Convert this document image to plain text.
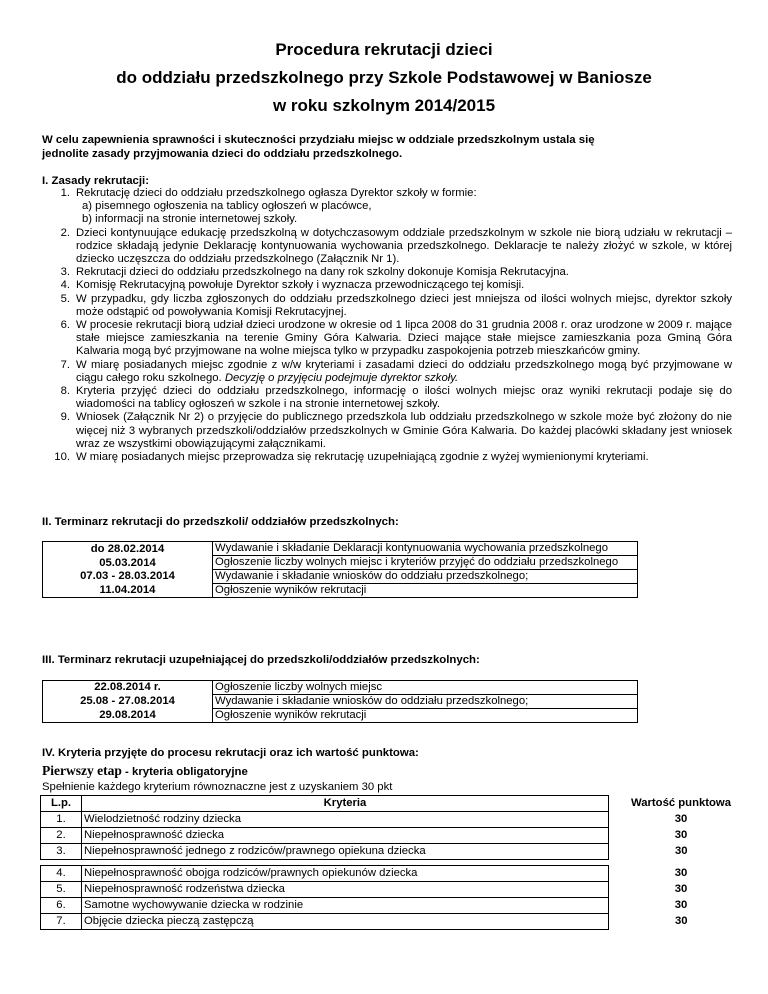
Procedura rekrutacji dzieci
do oddziału przedszkolnego przy Szkole Podstawowej w Baniosze
w roku szkolnym 2014/2015
W celu zapewnienia sprawności i skuteczności przydziału miejsc w oddziale przedszkolnym ustala się
jednolite zasady przyjmowania dzieci do oddziału przedszkolnego.
I. Zasady rekrutacji:
1. Rekrutację dzieci do oddziału przedszkolnego ogłasza Dyrektor szkoły w formie:
a) pisemnego ogłoszenia na tablicy ogłoszeń w placówce,
b) informacji na stronie internetowej szkoły.
2. Dzieci kontynuujące edukację przedszkolną w dotychczasowym oddziale przedszkolnym w szkole nie biorą udziału w rekrutacji – rodzice składają jedynie Deklarację kontynuowania wychowania przedszkolnego. Deklaracje te należy złożyć w szkole, w której dziecko uczęszcza do oddziału przedszkolnego (Załącznik Nr 1).
3. Rekrutacji dzieci do oddziału przedszkolnego na dany rok szkolny dokonuje Komisja Rekrutacyjna.
4. Komisję Rekrutacyjną powołuje Dyrektor szkoły i wyznacza przewodniczącego tej komisji.
5. W przypadku, gdy liczba zgłoszonych do oddziału przedszkolnego dzieci jest mniejsza od ilości wolnych miejsc, dyrektor szkoły może odstąpić od powoływania Komisji Rekrutacyjnej.
6. W procesie rekrutacji biorą udział dzieci urodzone w okresie od 1 lipca 2008 do 31 grudnia 2008 r. oraz urodzone w 2009 r. mające stałe miejsce zamieszkania na terenie Gminy Góra Kalwaria. Dzieci mające stałe miejsce zamieszkania poza Gminą Góra Kalwaria mogą być przyjmowane na wolne miejsca tylko w przypadku zaspokojenia potrzeb mieszkańców gminy.
7. W miarę posiadanych miejsc zgodnie z w/w kryteriami i zasadami dzieci do oddziału przedszkolnego mogą być przyjmowane w ciągu całego roku szkolnego. Decyzję o przyjęciu podejmuje dyrektor szkoły.
8. Kryteria przyjęć dzieci do oddziału przedszkolnego, informację o ilości wolnych miejsc oraz wyniki rekrutacji podaje się do wiadomości na tablicy ogłoszeń w szkole i na stronie internetowej szkoły.
9. Wniosek (Załącznik Nr 2) o przyjęcie do publicznego przedszkola lub oddziału przedszkolnego w szkole może być złożony do nie więcej niż 3 wybranych przedszkoli/oddziałów przedszkolnych w Gminie Góra Kalwaria. Do każdej placówki składany jest wniosek wraz ze wszystkimi obowiązującymi załącznikami.
10. W miarę posiadanych miejsc przeprowadza się rekrutację uzupełniającą zgodnie z wyżej wymienionymi kryteriami.
II. Terminarz rekrutacji do przedszkoli/ oddziałów przedszkolnych:
do 28.02.2014	Wydawanie i składanie Deklaracji kontynuowania wychowania przedszkolnego
05.03.2014	Ogłoszenie liczby wolnych miejsc i kryteriów przyjęć do oddziału przedszkolnego
07.03 - 28.03.2014	Wydawanie i składanie wniosków do oddziału przedszkolnego;
11.04.2014	Ogłoszenie wyników rekrutacji
III. Terminarz rekrutacji uzupełniającej do przedszkoli/oddziałów przedszkolnych:
22.08.2014 r.	Ogłoszenie liczby wolnych miejsc
25.08 - 27.08.2014	Wydawanie i składanie wniosków do oddziału przedszkolnego;
29.08.2014	Ogłoszenie wyników rekrutacji
IV. Kryteria przyjęte do procesu rekrutacji oraz ich wartość punktowa:
Pierwszy etap - kryteria obligatoryjne
Spełnienie każdego kryterium równoznaczne jest z uzyskaniem 30 pkt
L.p.	Kryteria	Wartość punktowa
1.	Wielodzietność rodziny dziecka	30
2.	Niepełnosprawność dziecka	30
3.	Niepełnosprawność jednego z rodziców/prawnego opiekuna dziecka	30

4.	Niepełnosprawność obojga rodziców/prawnych opiekunów dziecka	30
5.	Niepełnosprawność rodzeństwa dziecka	30
6.	Samotne wychowywanie dziecka w rodzinie	30
7.	Objęcie dziecka pieczą zastępczą	30
